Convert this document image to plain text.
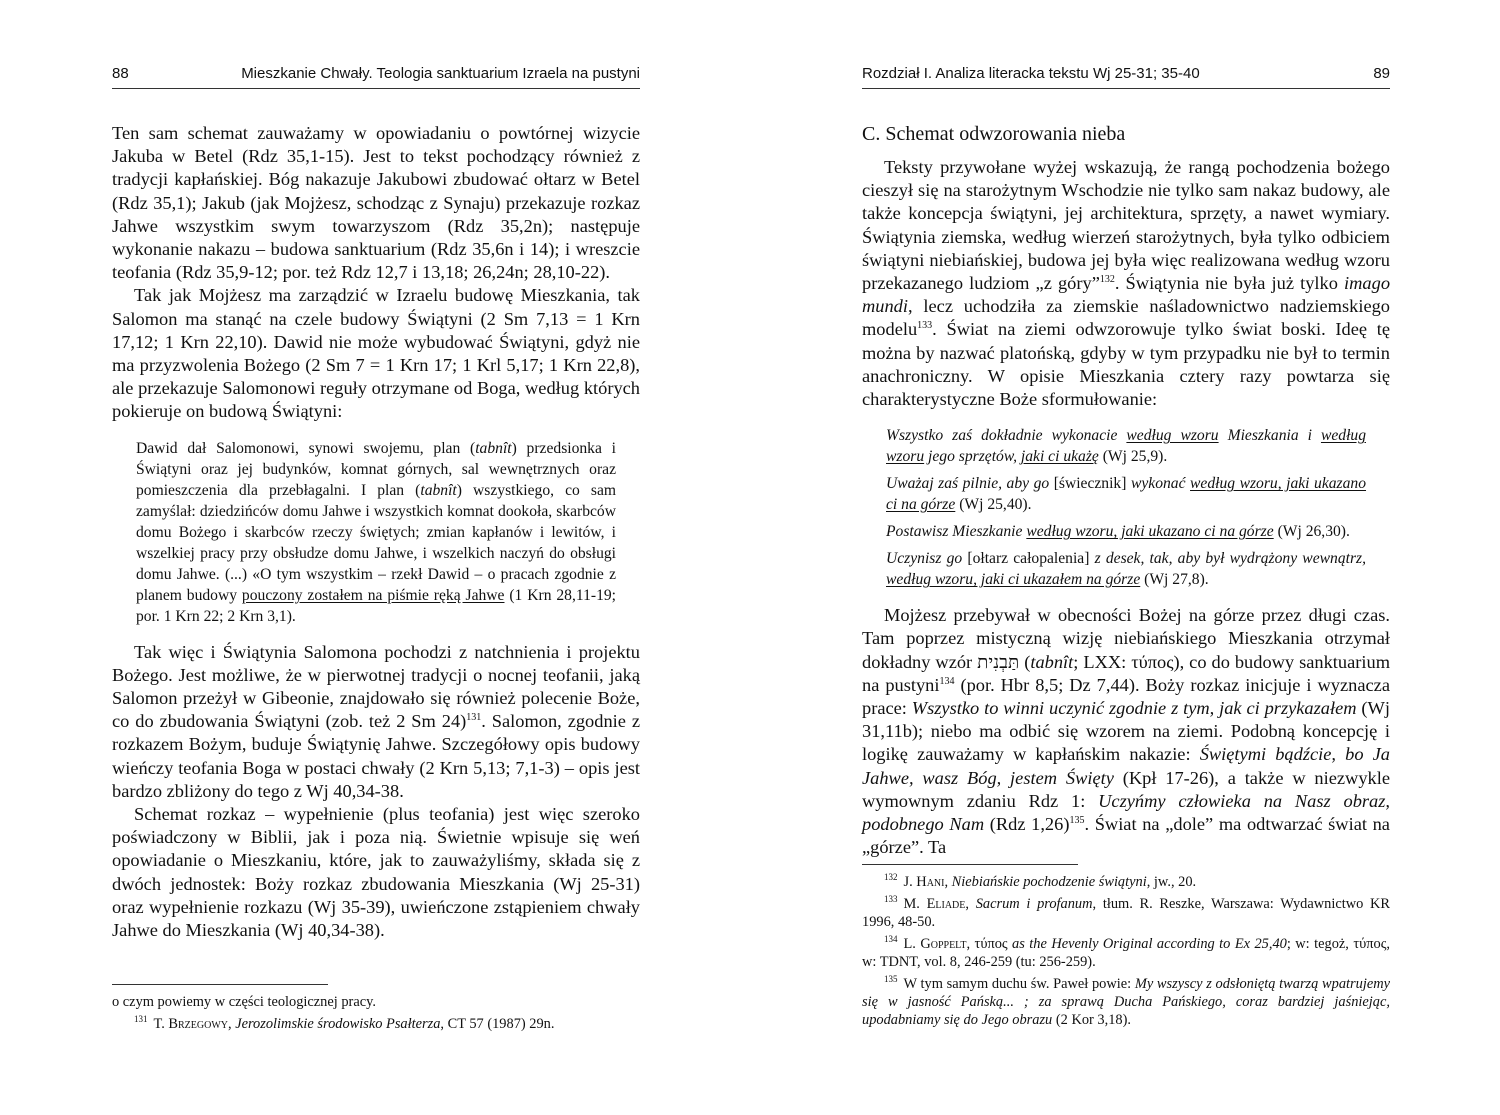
88	Mieszkanie Chwały. Teologia sanktuarium Izraela na pustyni

Ten sam schemat zauważamy w opowiadaniu o powtórnej wizycie Jakuba w Betel (Rdz 35,1-15). Jest to tekst pochodzący również z tradycji kapłańskiej. Bóg nakazuje Jakubowi zbudować ołtarz w Betel (Rdz 35,1); Jakub (jak Mojżesz, schodząc z Synaju) przekazuje rozkaz Jahwe wszystkim swym towarzyszom (Rdz 35,2n); następuje wykonanie nakazu – budowa sanktuarium (Rdz 35,6n i 14); i wreszcie teofania (Rdz 35,9-12; por. też Rdz 12,7 i 13,18; 26,24n; 28,10-22).

Tak jak Mojżesz ma zarządzić w Izraelu budowę Mieszkania, tak Salomon ma stanąć na czele budowy Świątyni (2 Sm 7,13 = 1 Krn 17,12; 1 Krn 22,10). Dawid nie może wybudować Świątyni, gdyż nie ma przyzwolenia Bożego (2 Sm 7 = 1 Krn 17; 1 Krl 5,17; 1 Krn 22,8), ale przekazuje Salomonowi reguły otrzymane od Boga, według których pokieruje on budową Świątyni:

Dawid dał Salomonowi, synowi swojemu, plan (tabnît) przedsionka i Świątyni oraz jej budynków, komnat górnych, sal wewnętrznych oraz pomieszczenia dla przebłagalni. I plan (tabnît) wszystkiego, co sam zamyślał: dziedzińców domu Jahwe i wszystkich komnat dookoła, skarbców domu Bożego i skarbców rzeczy świętych; zmian kapłanów i lewitów, i wszelkiej pracy przy obsłudze domu Jahwe, i wszelkich naczyń do obsługi domu Jahwe. (...) «O tym wszystkim – rzekł Dawid – o pracach zgodnie z planem budowy pouczony zostałem na piśmie ręką Jahwe (1 Krn 28,11-19; por. 1 Krn 22; 2 Krn 3,1).

Tak więc i Świątynia Salomona pochodzi z natchnienia i projektu Bożego. Jest możliwe, że w pierwotnej tradycji o nocnej teofanii, jaką Salomon przeżył w Gibeonie, znajdowało się również polecenie Boże, co do zbudowania Świątyni (zob. też 2 Sm 24)$^{131}$. Salomon, zgodnie z rozkazem Bożym, buduje Świątynię Jahwe. Szczegółowy opis budowy wieńczy teofania Boga w postaci chwały (2 Krn 5,13; 7,1-3) – opis jest bardzo zbliżony do tego z Wj 40,34-38.

Schemat rozkaz – wypełnienie (plus teofania) jest więc szeroko poświadczony w Biblii, jak i poza nią. Świetnie wpisuje się weń opowiadanie o Mieszkaniu, które, jak to zauważyliśmy, składa się z dwóch jednostek: Boży rozkaz zbudowania Mieszkania (Wj 25-31) oraz wypełnienie rozkazu (Wj 35-39), uwieńczone zstąpieniem chwały Jahwe do Mieszkania (Wj 40,34-38).

o czym powiemy w części teologicznej pracy.

$^{131}$ T. Brzegowy, Jerozolimskie środowisko Psałterza, CT 57 (1987) 29n.

Rozdział I. Analiza literacka tekstu Wj 25-31; 35-40	89
C. Schemat odwzorowania nieba

Teksty przywołane wyżej wskazują, że rangą pochodzenia bożego cieszył się na starożytnym Wschodzie nie tylko sam nakaz budowy, ale także koncepcja świątyni, jej architektura, sprzęty, a nawet wymiary. Świątynia ziemska, według wierzeń starożytnych, była tylko odbiciem świątyni niebiańskiej, budowa jej była więc realizowana według wzoru przekazanego ludziom „z góry”$^{132}$. Świątynia nie była już tylko imago mundi, lecz uchodziła za ziemskie naśladownictwo nadziemskiego modelu$^{133}$. Świat na ziemi odwzorowuje tylko świat boski. Ideę tę można by nazwać platońską, gdyby w tym przypadku nie był to termin anachroniczny. W opisie Mieszkania cztery razy powtarza się charakterystyczne Boże sformułowanie:

Wszystko zaś dokładnie wykonacie według wzoru Mieszkania i według wzoru jego sprzętów, jaki ci ukażę (Wj 25,9).

Uważaj zaś pilnie, aby go [świecznik] wykonać według wzoru, jaki ukazano ci na górze (Wj 25,40).

Postawisz Mieszkanie według wzoru, jaki ukazano ci na górze (Wj 26,30).

Uczynisz go [ołtarz całopalenia] z desek, tak, aby był wydrążony wewnątrz, według wzoru, jaki ci ukazałem na górze (Wj 27,8).

Mojżesz przebywał w obecności Bożej na górze przez długi czas. Tam poprzez mistyczną wizję niebiańskiego Mieszkania otrzymał dokładny wzór תַּבְנִית (tabnît; LXX: τύπος), co do budowy sanktuarium na pustyni$^{134}$ (por. Hbr 8,5; Dz 7,44). Boży rozkaz inicjuje i wyznacza prace: Wszystko to winni uczynić zgodnie z tym, jak ci przykazałem (Wj 31,11b); niebo ma odbić się wzorem na ziemi. Podobną koncepcję i logikę zauważamy w kapłańskim nakazie: Świętymi bądźcie, bo Ja Jahwe, wasz Bóg, jestem Święty (Kpł 17-26), a także w niezwykle wymownym zdaniu Rdz 1: Uczyńmy człowieka na Nasz obraz, podobnego Nam (Rdz 1,26)$^{135}$. Świat na „dole” ma odtwarzać świat na „górze”. Ta

$^{132}$ J. Hani, Niebiańskie pochodzenie świątyni, jw., 20.

$^{133}$ M. Eliade, Sacrum i profanum, tłum. R. Reszke, Warszawa: Wydawnictwo KR 1996, 48-50.

$^{134}$ L. Goppelt, τύπος as the Hevenly Original according to Ex 25,40; w: tegoż, τύπος, w: TDNT, vol. 8, 246-259 (tu: 256-259).

$^{135}$ W tym samym duchu św. Paweł powie: My wszyscy z odsłoniętą twarzą wpatrujemy się w jasność Pańską... ; za sprawą Ducha Pańskiego, coraz bardziej jaśniejąc, upodabniamy się do Jego obrazu (2 Kor 3,18).
